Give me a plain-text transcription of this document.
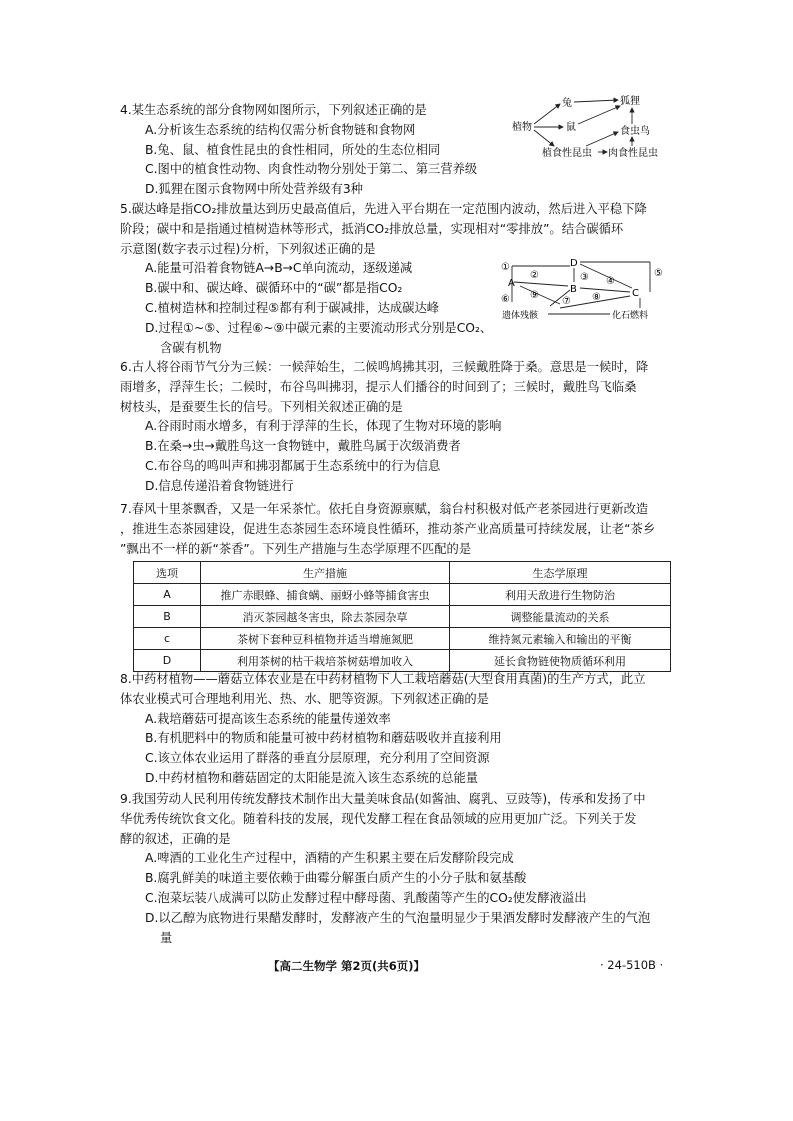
4.某生态系统的部分食物网如图所示，下列叙述正确的是
A.分析该生态系统的结构仅需分析食物链和食物网
B.兔、鼠、植食性昆虫的食性相同，所处的生态位相同
C.图中的植食性动物、肉食性动物分别处于第二、第三营养级
D.狐狸在图示食物网中所处营养级有3种
植物
兔
鼠
狐狸
食虫鸟
植食性昆虫 肉食性昆虫
5.碳达峰是指CO₂排放量达到历史最高值后，先进入平台期在一定范围内波动，然后进入平稳下降
阶段；碳中和是指通过植树造林等形式，抵消CO₂排放总量，实现相对“零排放”。结合碳循环
示意图(数字表示过程)分析，下列叙述正确的是
A.能量可沿着食物链A→B→C单向流动，逐级递减
B.碳中和、碳达峰、碳循环中的“碳”都是指CO₂
C.植树造林和控制过程⑤都有利于碳减排，达成碳达峰
D.过程①~⑤、过程⑥~⑨中碳元素的主要流动形式分别是CO₂、
含碳有机物
D
A
B	C
遗体残骸	化石燃料
①
②	③ ④
⑤
⑥	⑦ ⑧
⑨
6.古人将谷雨节气分为三候：一候萍始生，二候鸣鸠拂其羽，三候戴胜降于桑。意思是一候时，降
雨增多，浮萍生长；二候时，布谷鸟叫拂羽，提示人们播谷的时间到了；三候时，戴胜鸟飞临桑
树枝头，是蚕要生长的信号。下列相关叙述正确的是
A.谷雨时雨水增多，有利于浮萍的生长，体现了生物对环境的影响
B.在桑→虫→戴胜鸟这一食物链中，戴胜鸟属于次级消费者
C.布谷鸟的鸣叫声和拂羽都属于生态系统中的行为信息
D.信息传递沿着食物链进行
7.春风十里茶飘香，又是一年采茶忙。依托自身资源禀赋，翁台村积极对低产老茶园进行更新改造
，推进生态茶园建设，促进生态茶园生态环境良性循环，推动茶产业高质量可持续发展，让老“茶乡
”飘出不一样的新“茶香”。下列生产措施与生态学原理不匹配的是
选项	生产措施	生态学原理
A	推广赤眼蜂、捕食螨、丽蚜小蜂等捕食害虫	利用天敌进行生物防治
B	消灭茶园越冬害虫，除去茶园杂草	调整能量流动的关系
c	茶树下套种豆科植物并适当增施氮肥	维持氮元素输入和输出的平衡
D	利用茶树的枯干栽培茶树菇增加收入	延长食物链使物质循环利用
8.中药材植物——蘑菇立体农业是在中药材植物下人工栽培蘑菇(大型食用真菌)的生产方式，此立
体农业模式可合理地利用光、热、水、肥等资源。下列叙述正确的是
A.栽培蘑菇可提高该生态系统的能量传递效率
B.有机肥料中的物质和能量可被中药材植物和蘑菇吸收并直接利用
C.该立体农业运用了群落的垂直分层原理，充分利用了空间资源
D.中药材植物和蘑菇固定的太阳能是流入该生态系统的总能量
9.我国劳动人民利用传统发酵技术制作出大量美味食品(如酱油、腐乳、豆豉等)，传承和发扬了中
华优秀传统饮食文化。随着科技的发展，现代发酵工程在食品领域的应用更加广泛。下列关于发
酵的叙述，正确的是
A.啤酒的工业化生产过程中，酒精的产生积累主要在后发酵阶段完成
B.腐乳鲜美的味道主要依赖于曲霉分解蛋白质产生的小分子肽和氨基酸
C.泡菜坛装八成满可以防止发酵过程中酵母菌、乳酸菌等产生的CO₂使发酵液溢出
D.以乙醇为底物进行果醋发酵时，发酵液产生的气泡量明显少于果酒发酵时发酵液产生的气泡
量
【高二生物学 第2页(共6页)】	· 24-510B ·
